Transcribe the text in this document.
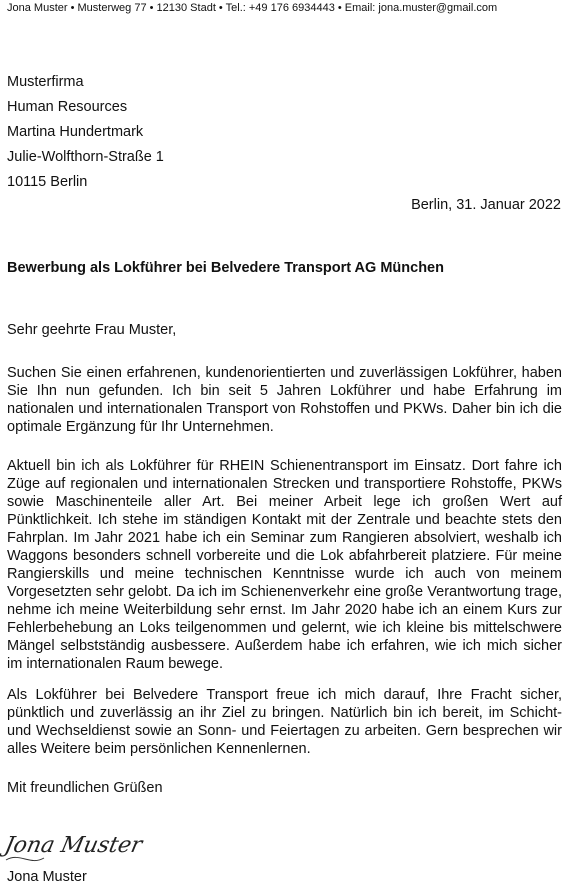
Jona Muster • Musterweg 77 • 12130 Stadt • Tel.: +49 176 6934443 • Email: jona.muster@gmail.com
Musterfirma
Human Resources
Martina Hundertmark
Julie-Wolfthorn-Straße 1
10115 Berlin
Berlin, 31. Januar 2022
Bewerbung als Lokführer bei Belvedere Transport AG München
Sehr geehrte Frau Muster,

Suchen Sie einen erfahrenen, kundenorientierten und zuverlässigen Lokführer, haben Sie Ihn nun gefunden. Ich bin seit 5 Jahren Lokführer und habe Erfahrung im nationalen und internationalen Transport von Rohstoffen und PKWs. Daher bin ich die optimale Ergänzung für Ihr Unternehmen.

Aktuell bin ich als Lokführer für RHEIN Schienentransport im Einsatz. Dort fahre ich Züge auf regionalen und internationalen Strecken und transportiere Rohstoffe, PKWs sowie Maschinenteile aller Art. Bei meiner Arbeit lege ich großen Wert auf Pünktlichkeit. Ich stehe im ständigen Kontakt mit der Zentrale und beachte stets den Fahrplan. Im Jahr 2021 habe ich ein Seminar zum Rangieren absolviert, weshalb ich Waggons besonders schnell vorbereite und die Lok abfahrbereit platziere. Für meine Rangierskills und meine technischen Kenntnisse wurde ich auch von meinem Vorgesetzten sehr gelobt. Da ich im Schienenverkehr eine große Verantwortung trage, nehme ich meine Weiterbildung sehr ernst. Im Jahr 2020 habe ich an einem Kurs zur Fehlerbehebung an Loks teilgenommen und gelernt, wie ich kleine bis mittelschwere Mängel selbstständig ausbessere. Außerdem habe ich erfahren, wie ich mich sicher im internationalen Raum bewege.

Als Lokführer bei Belvedere Transport freue ich mich darauf, Ihre Fracht sicher, pünktlich und zuverlässig an ihr Ziel zu bringen. Natürlich bin ich bereit, im Schicht- und Wechseldienst sowie an Sonn- und Feiertagen zu arbeiten. Gern besprechen wir alles Weitere beim persönlichen Kennenlernen.

Mit freundlichen Grüßen
Jona Muster
Jona Muster
